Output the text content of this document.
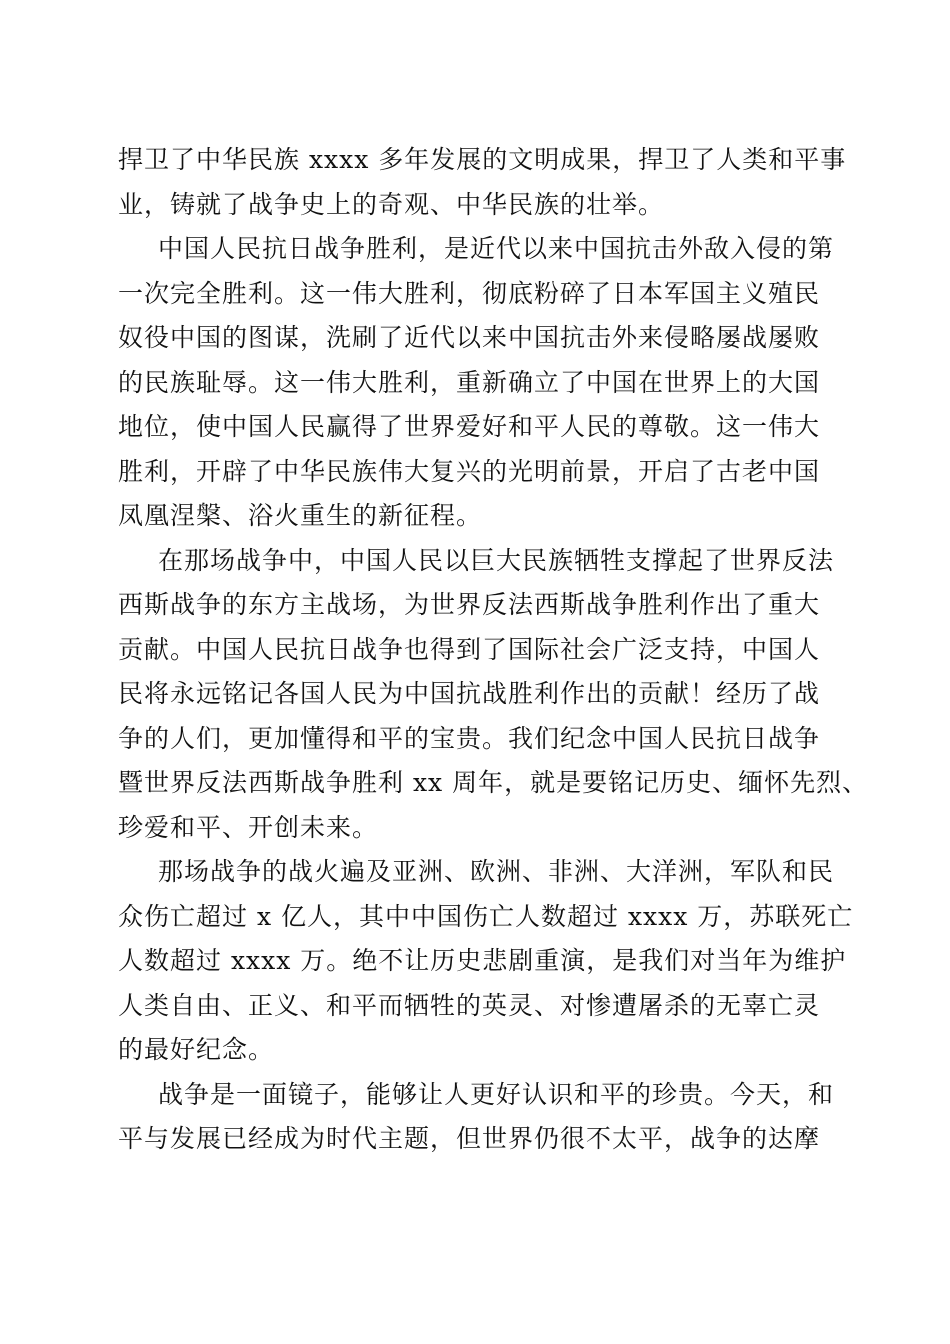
捍卫了中华民族 xxxx 多年发展的文明成果，捍卫了人类和平事
业，铸就了战争史上的奇观、中华民族的壮举。
中国人民抗日战争胜利，是近代以来中国抗击外敌入侵的第
一次完全胜利。这一伟大胜利，彻底粉碎了日本军国主义殖民
奴役中国的图谋，洗刷了近代以来中国抗击外来侵略屡战屡败
的民族耻辱。这一伟大胜利，重新确立了中国在世界上的大国
地位，使中国人民赢得了世界爱好和平人民的尊敬。这一伟大
胜利，开辟了中华民族伟大复兴的光明前景，开启了古老中国
凤凰涅槃、浴火重生的新征程。
在那场战争中，中国人民以巨大民族牺牲支撑起了世界反法
西斯战争的东方主战场，为世界反法西斯战争胜利作出了重大
贡献。中国人民抗日战争也得到了国际社会广泛支持，中国人
民将永远铭记各国人民为中国抗战胜利作出的贡献！经历了战
争的人们，更加懂得和平的宝贵。我们纪念中国人民抗日战争
暨世界反法西斯战争胜利 xx 周年，就是要铭记历史、缅怀先烈、
珍爱和平、开创未来。
那场战争的战火遍及亚洲、欧洲、非洲、大洋洲，军队和民
众伤亡超过 x 亿人，其中中国伤亡人数超过 xxxx 万，苏联死亡
人数超过 xxxx 万。绝不让历史悲剧重演，是我们对当年为维护
人类自由、正义、和平而牺牲的英灵、对惨遭屠杀的无辜亡灵
的最好纪念。
战争是一面镜子，能够让人更好认识和平的珍贵。今天，和
平与发展已经成为时代主题，但世界仍很不太平，战争的达摩
